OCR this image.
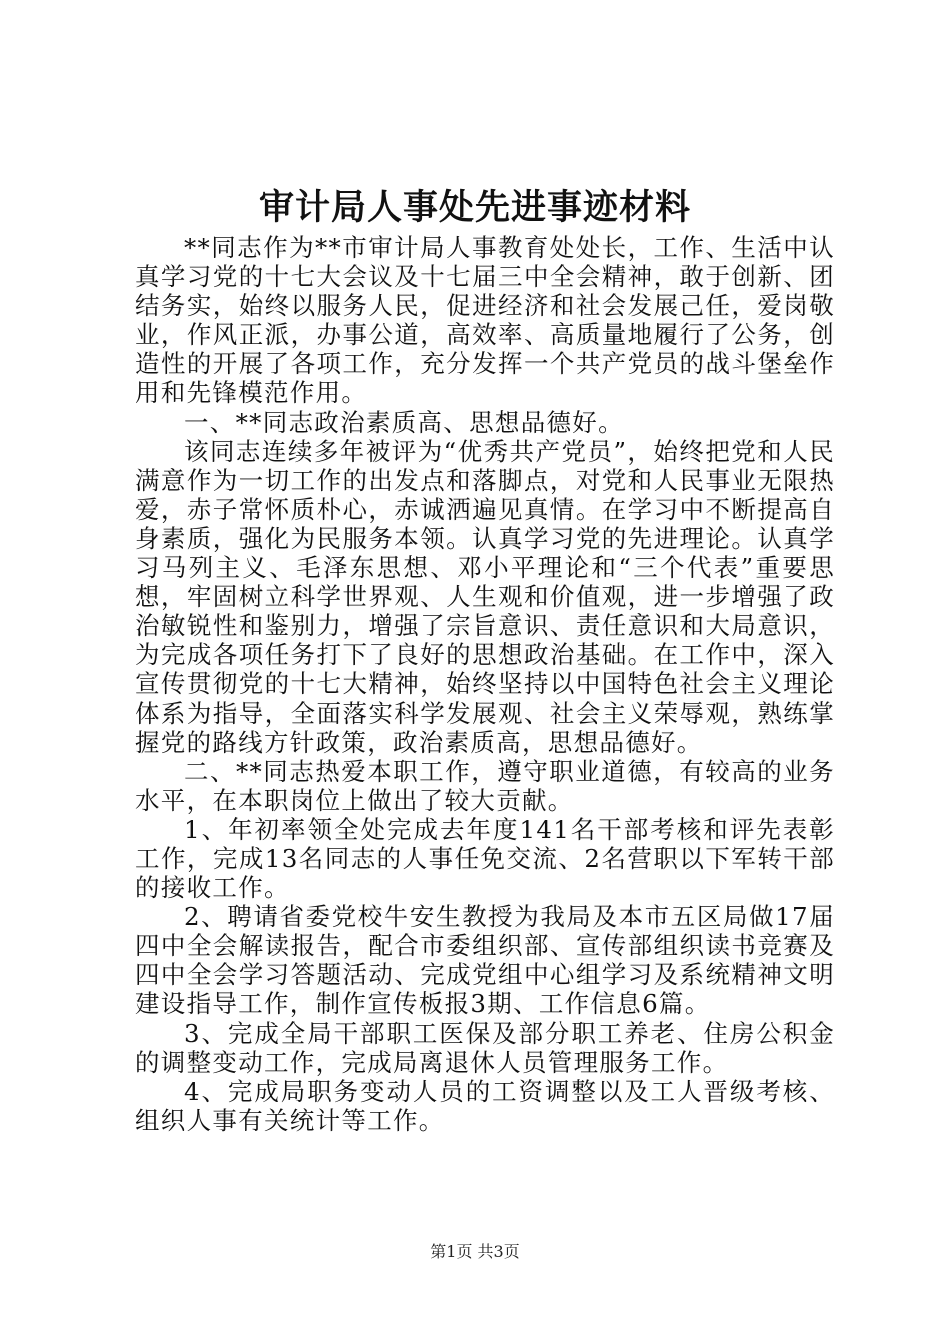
审计局人事处先进事迹材料

**同志作为**市审计局人事教育处处长，工作、生活中认真学习党的十七大会议及十七届三中全会精神，敢于创新、团结务实，始终以服务人民，促进经济和社会发展己任，爱岗敬业，作风正派，办事公道，高效率、高质量地履行了公务，创造性的开展了各项工作，充分发挥一个共产党员的战斗堡垒作用和先锋模范作用。

一、**同志政治素质高、思想品德好。

该同志连续多年被评为“优秀共产党员”，始终把党和人民满意作为一切工作的出发点和落脚点，对党和人民事业无限热爱，赤子常怀质朴心，赤诚洒遍见真情。在学习中不断提高自身素质，强化为民服务本领。认真学习党的先进理论。认真学习马列主义、毛泽东思想、邓小平理论和“三个代表”重要思想，牢固树立科学世界观、人生观和价值观，进一步增强了政治敏锐性和鉴别力，增强了宗旨意识、责任意识和大局意识，为完成各项任务打下了良好的思想政治基础。在工作中，深入宣传贯彻党的十七大精神，始终坚持以中国特色社会主义理论体系为指导，全面落实科学发展观、社会主义荣辱观，熟练掌握党的路线方针政策，政治素质高，思想品德好。

二、**同志热爱本职工作，遵守职业道德，有较高的业务水平，在本职岗位上做出了较大贡献。

1、年初率领全处完成去年度141名干部考核和评先表彰工作，完成13名同志的人事任免交流、2名营职以下军转干部的接收工作。

2、聘请省委党校牛安生教授为我局及本市五区局做17届四中全会解读报告，配合市委组织部、宣传部组织读书竞赛及四中全会学习答题活动、完成党组中心组学习及系统精神文明建设指导工作，制作宣传板报3期、工作信息6篇。

3、完成全局干部职工医保及部分职工养老、住房公积金的调整变动工作，完成局离退休人员管理服务工作。

4、完成局职务变动人员的工资调整以及工人晋级考核、组织人事有关统计等工作。

第1页 共3页
